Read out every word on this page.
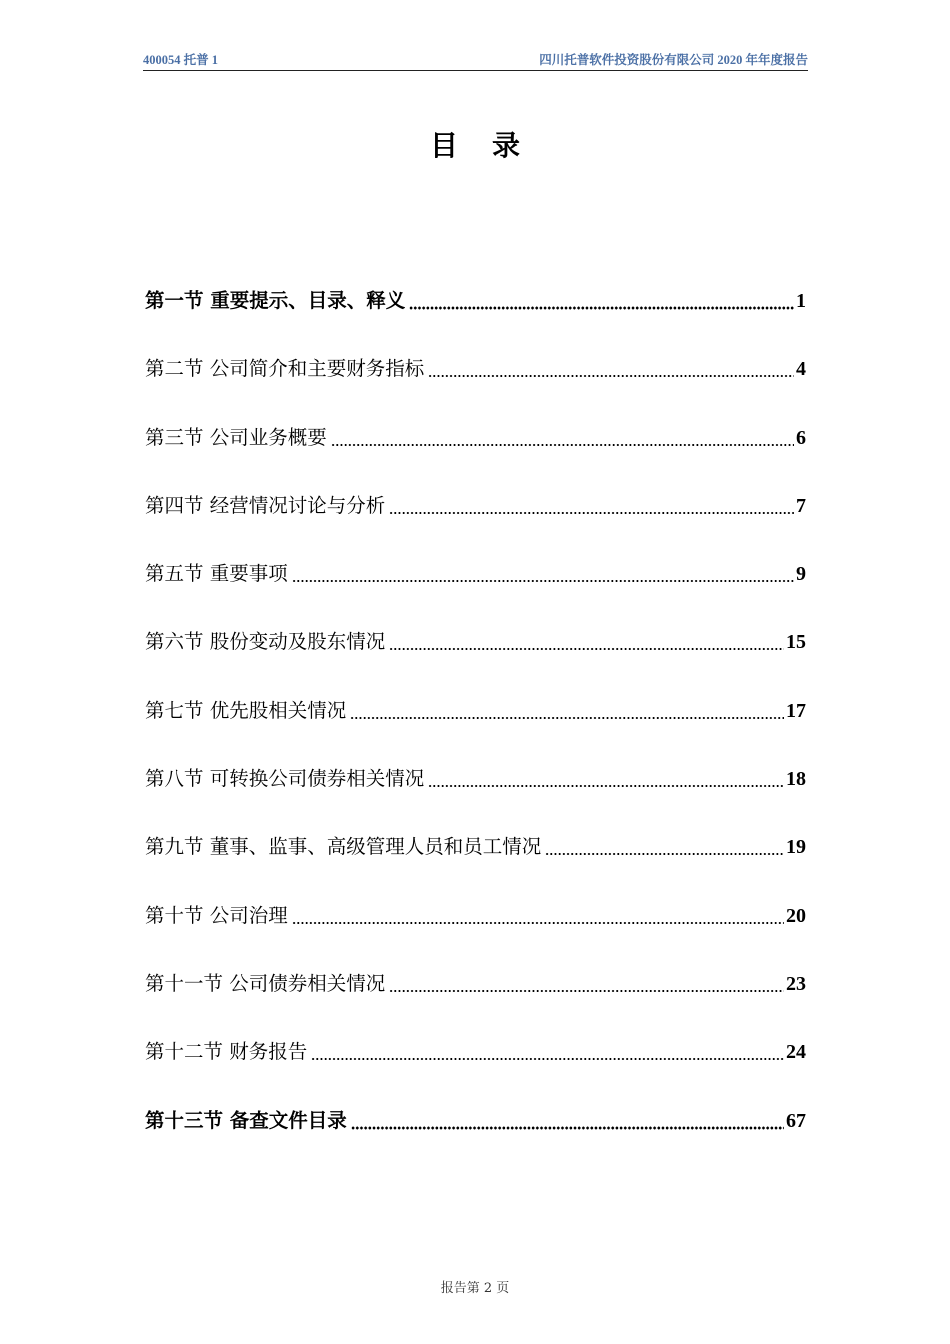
400054 托普 1	四川托普软件投资股份有限公司 2020 年年度报告
目录
第一节 重要提示、目录、释义	1
第二节 公司简介和主要财务指标	4
第三节 公司业务概要	6
第四节 经营情况讨论与分析	7
第五节 重要事项	9
第六节 股份变动及股东情况	15
第七节 优先股相关情况	17
第八节 可转换公司债券相关情况	18
第九节 董事、监事、高级管理人员和员工情况	19
第十节 公司治理	20
第十一节 公司债券相关情况	23
第十二节 财务报告	24
第十三节 备查文件目录	67
报告第 2 页
